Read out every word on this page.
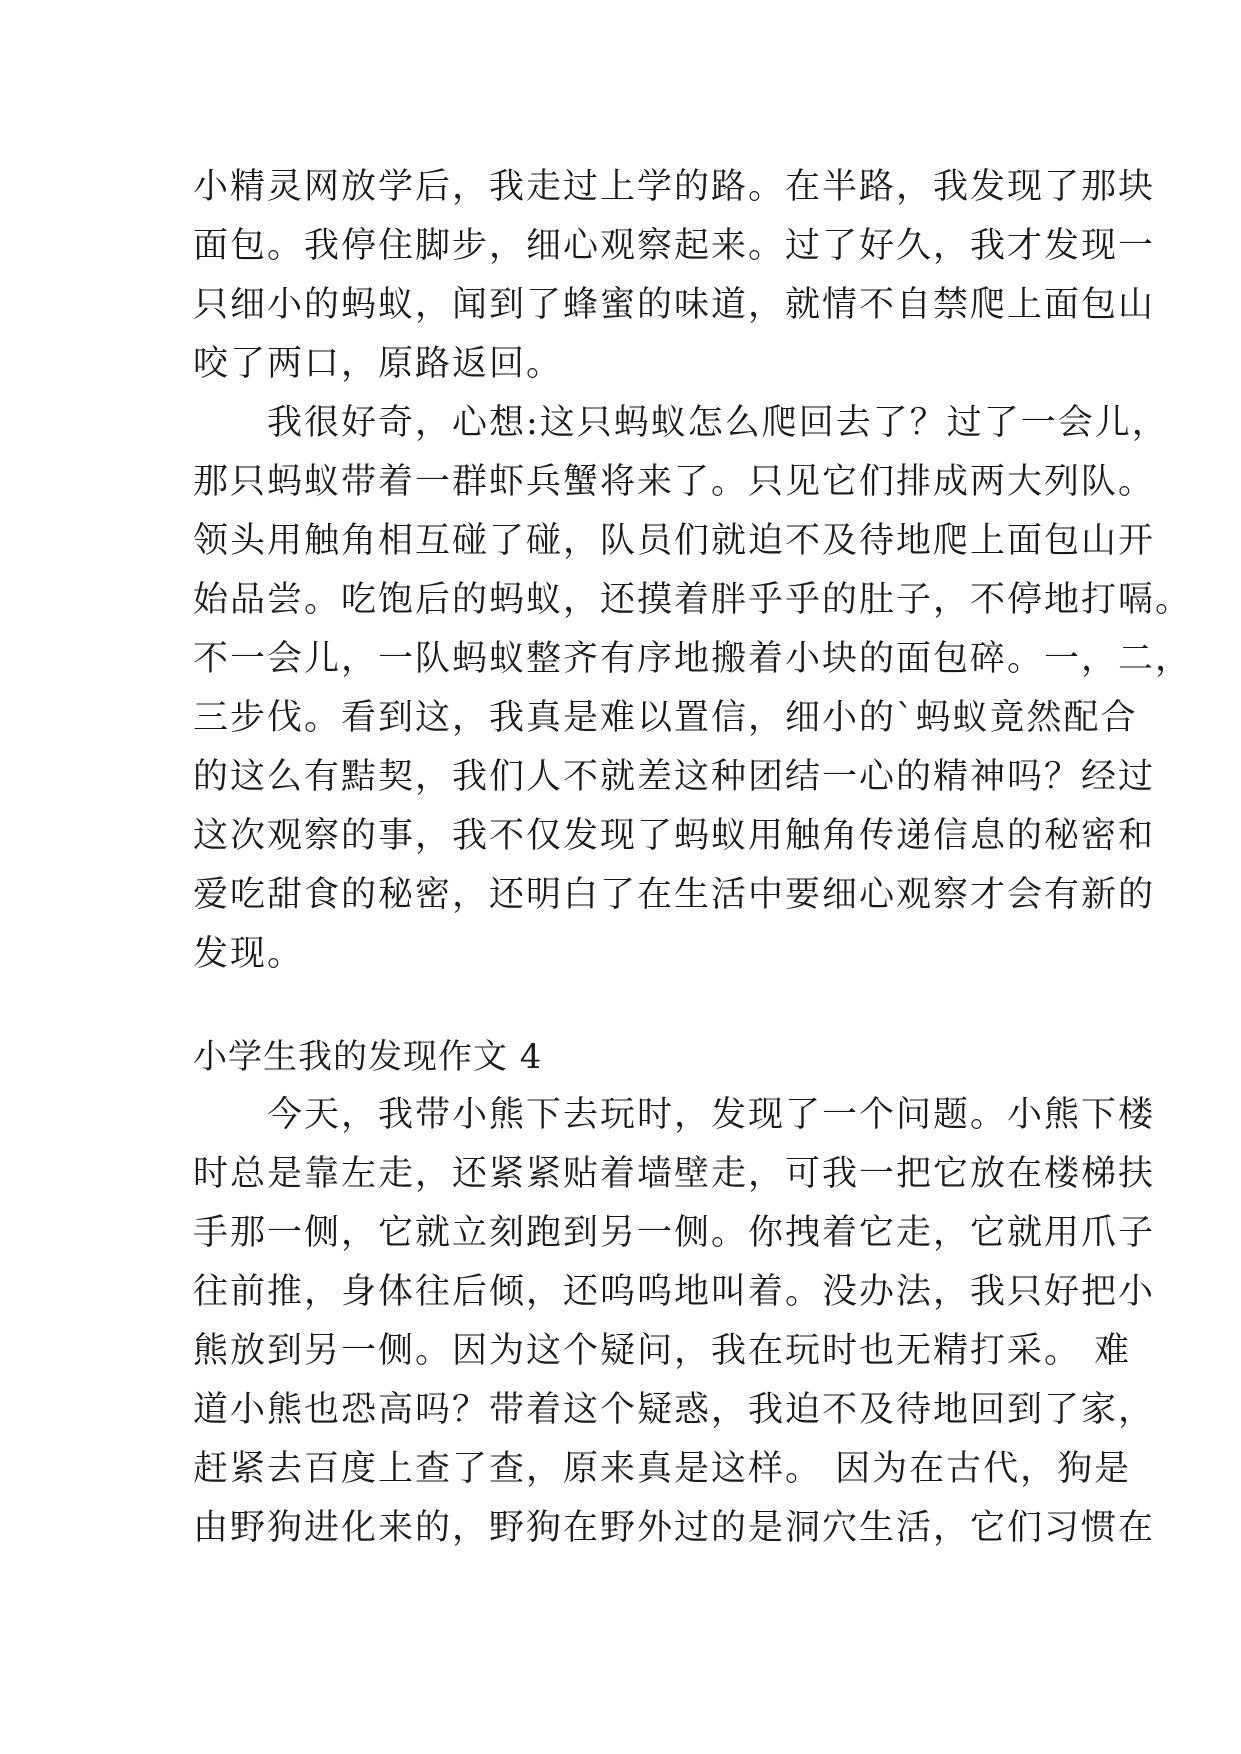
小精灵网放学后，我走过上学的路。在半路，我发现了那块
面包。我停住脚步，细心观察起来。过了好久，我才发现一
只细小的蚂蚁，闻到了蜂蜜的味道，就情不自禁爬上面包山
咬了两口，原路返回。
　　我很好奇，心想:这只蚂蚁怎么爬回去了？过了一会儿，
那只蚂蚁带着一群虾兵蟹将来了。只见它们排成两大列队。
领头用触角相互碰了碰，队员们就迫不及待地爬上面包山开
始品尝。吃饱后的蚂蚁，还摸着胖乎乎的肚子，不停地打嗝。
不一会儿，一队蚂蚁整齐有序地搬着小块的面包碎。一，二，
三步伐。看到这，我真是难以置信，细小的`蚂蚁竟然配合
的这么有黠契，我们人不就差这种团结一心的精神吗？经过
这次观察的事，我不仅发现了蚂蚁用触角传递信息的秘密和
爱吃甜食的秘密，还明白了在生活中要细心观察才会有新的
发现。
小学生我的发现作文 4
　　今天，我带小熊下去玩时，发现了一个问题。小熊下楼
时总是靠左走，还紧紧贴着墙壁走，可我一把它放在楼梯扶
手那一侧，它就立刻跑到另一侧。你拽着它走，它就用爪子
往前推，身体往后倾，还呜呜地叫着。没办法，我只好把小
熊放到另一侧。因为这个疑问，我在玩时也无精打采。 难
道小熊也恐高吗？带着这个疑惑，我迫不及待地回到了家，
赶紧去百度上查了查，原来真是这样。 因为在古代，狗是
由野狗进化来的，野狗在野外过的是洞穴生活，它们习惯在
